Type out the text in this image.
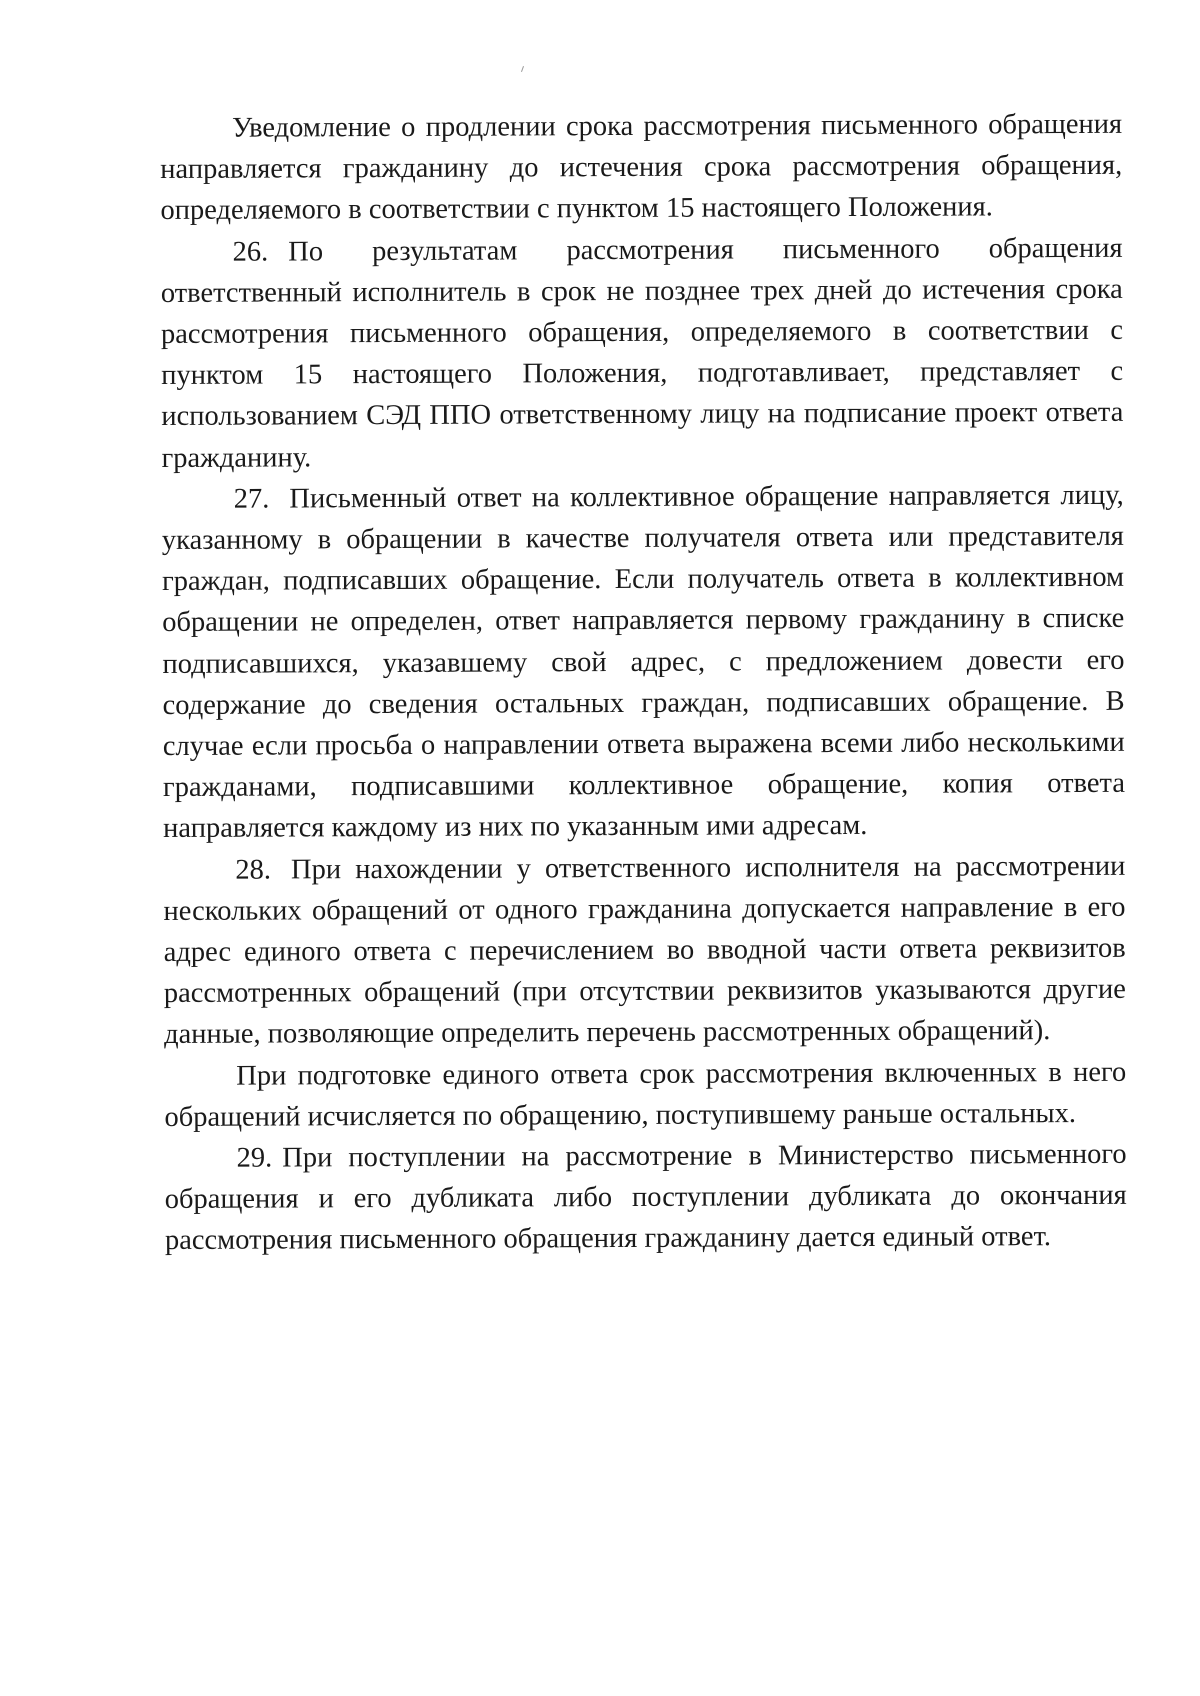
Уведомление о продлении срока рассмотрения письменного обращения направляется гражданину до истечения срока рассмотрения обращения, определяемого в соответствии с пунктом 15 настоящего Положения.

26. По результатам рассмотрения письменного обращения ответственный исполнитель в срок не позднее трех дней до истечения срока рассмотрения письменного обращения, определяемого в соответствии с пунктом 15 настоящего Положения, подготавливает, представляет с использованием СЭД ППО ответственному лицу на подписание проект ответа гражданину.

27. Письменный ответ на коллективное обращение направляется лицу, указанному в обращении в качестве получателя ответа или представителя граждан, подписавших обращение. Если получатель ответа в коллективном обращении не определен, ответ направляется первому гражданину в списке подписавшихся, указавшему свой адрес, с предложением довести его содержание до сведения остальных граждан, подписавших обращение. В случае если просьба о направлении ответа выражена всеми либо несколькими гражданами, подписавшими коллективное обращение, копия ответа направляется каждому из них по указанным ими адресам.

28. При нахождении у ответственного исполнителя на рассмотрении нескольких обращений от одного гражданина допускается направление в его адрес единого ответа с перечислением во вводной части ответа реквизитов рассмотренных обращений (при отсутствии реквизитов указываются другие данные, позволяющие определить перечень рассмотренных обращений).

При подготовке единого ответа срок рассмотрения включенных в него обращений исчисляется по обращению, поступившему раньше остальных.

29. При поступлении на рассмотрение в Министерство письменного обращения и его дубликата либо поступлении дубликата до окончания рассмотрения письменного обращения гражданину дается единый ответ.
